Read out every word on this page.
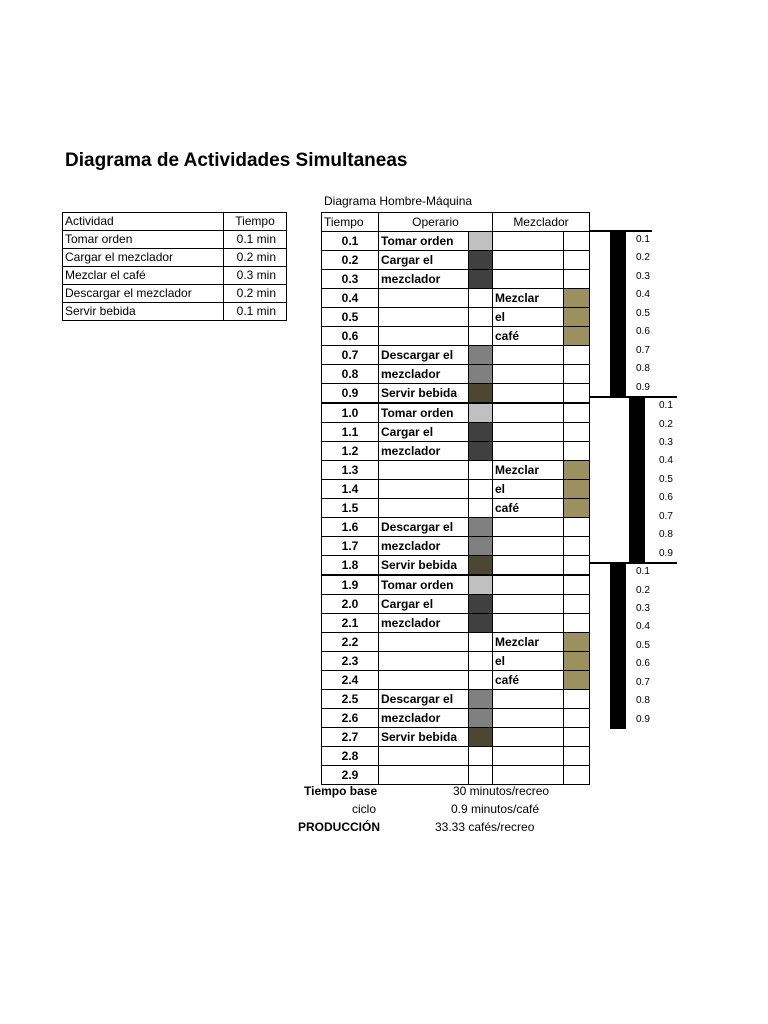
Diagrama de Actividades Simultaneas
Actividad	Tiempo
Tomar orden	0.1 min
Cargar el mezclador	0.2 min
Mezclar el café	0.3 min
Descargar el mezclador	0.2 min
Servir bebida	0.1 min
Diagrama Hombre-Máquina
Tiempo	Operario		Mezclador	
0.1	Tomar orden			
0.2	Cargar el			
0.3	mezclador			
0.4			Mezclar	
0.5			el	
0.6			café	
0.7	Descargar el			
0.8	mezclador			
0.9	Servir bebida			
1.0	Tomar orden			
1.1	Cargar el			
1.2	mezclador			
1.3			Mezclar	
1.4			el	
1.5			café	
1.6	Descargar el			
1.7	mezclador			
1.8	Servir bebida			
1.9	Tomar orden			
2.0	Cargar el			
2.1	mezclador			
2.2			Mezclar	
2.3			el	
2.4			café	
2.5	Descargar el			
2.6	mezclador			
2.7	Servir bebida			
2.8				
2.9				
0.1
0.2
0.3
0.4
0.5
0.6
0.7
0.8
0.9
0.1
0.2
0.3
0.4
0.5
0.6
0.7
0.8
0.9
0.1
0.2
0.3
0.4
0.5
0.6
0.7
0.8
0.9
Tiempo base	30 minutos/recreo
ciclo	0.9 minutos/café
PRODUCCIÓN	33.33 cafés/recreo
